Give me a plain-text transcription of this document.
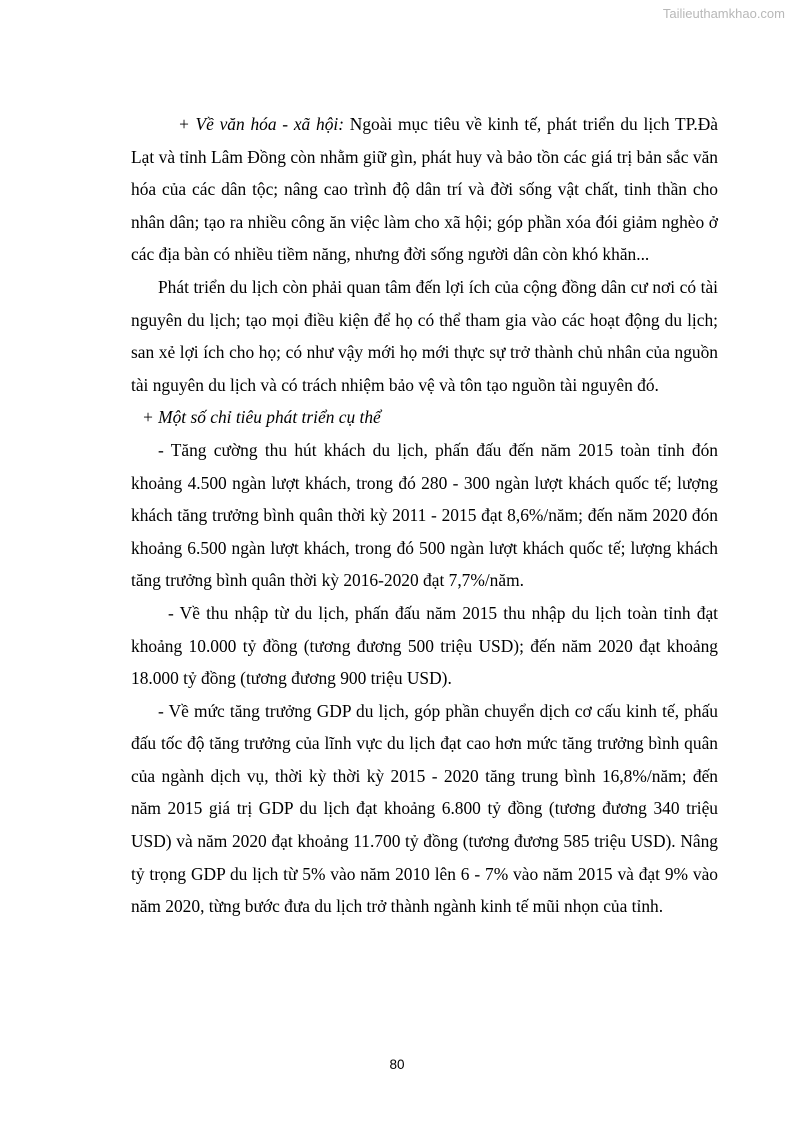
Tailieuthamkhao.com

+ Về văn hóa - xã hội: Ngoài mục tiêu về kinh tế, phát triển du lịch TP.Đà Lạt và tỉnh Lâm Đồng còn nhằm giữ gìn, phát huy và bảo tồn các giá trị bản sắc văn hóa của các dân tộc; nâng cao trình độ dân trí và đời sống vật chất, tinh thần cho nhân dân; tạo ra nhiều công ăn việc làm cho xã hội; góp phần xóa đói giảm nghèo ở các địa bàn có nhiều tiềm năng, nhưng đời sống người dân còn khó khăn...

Phát triển du lịch còn phải quan tâm đến lợi ích của cộng đồng dân cư nơi có tài nguyên du lịch; tạo mọi điều kiện để họ có thể tham gia vào các hoạt động du lịch; san xẻ lợi ích cho họ; có như vậy mới họ mới thực sự trở thành chủ nhân của nguồn tài nguyên du lịch và có trách nhiệm bảo vệ và tôn tạo nguồn tài nguyên đó.

+ Một số chỉ tiêu phát triển cụ thể

- Tăng cường thu hút khách du lịch, phấn đấu đến năm 2015 toàn tỉnh đón khoảng 4.500 ngàn lượt khách, trong đó 280 - 300 ngàn lượt khách quốc tế; lượng khách tăng trưởng bình quân thời kỳ 2011 - 2015 đạt 8,6%/năm; đến năm 2020 đón khoảng 6.500 ngàn lượt khách, trong đó 500 ngàn lượt khách quốc tế; lượng khách tăng trưởng bình quân thời kỳ 2016-2020 đạt 7,7%/năm.

- Về thu nhập từ du lịch, phấn đấu năm 2015 thu nhập du lịch toàn tỉnh đạt khoảng 10.000 tỷ đồng (tương đương 500 triệu USD); đến năm 2020 đạt khoảng 18.000 tỷ đồng (tương đương 900 triệu USD).

- Về mức tăng trưởng GDP du lịch, góp phần chuyển dịch cơ cấu kinh tế, phấu đấu tốc độ tăng trưởng của lĩnh vực du lịch đạt cao hơn mức tăng trưởng bình quân của ngành dịch vụ, thời kỳ thời kỳ 2015 - 2020 tăng trung bình 16,8%/năm; đến năm 2015 giá trị GDP du lịch đạt khoảng 6.800 tỷ đồng (tương đương 340 triệu USD) và năm 2020 đạt khoảng 11.700 tỷ đồng (tương đương 585 triệu USD). Nâng tỷ trọng GDP du lịch từ 5% vào năm 2010 lên 6 - 7% vào năm 2015 và đạt 9% vào năm 2020, từng bước đưa du lịch trở thành ngành kinh tế mũi nhọn của tỉnh.

80
